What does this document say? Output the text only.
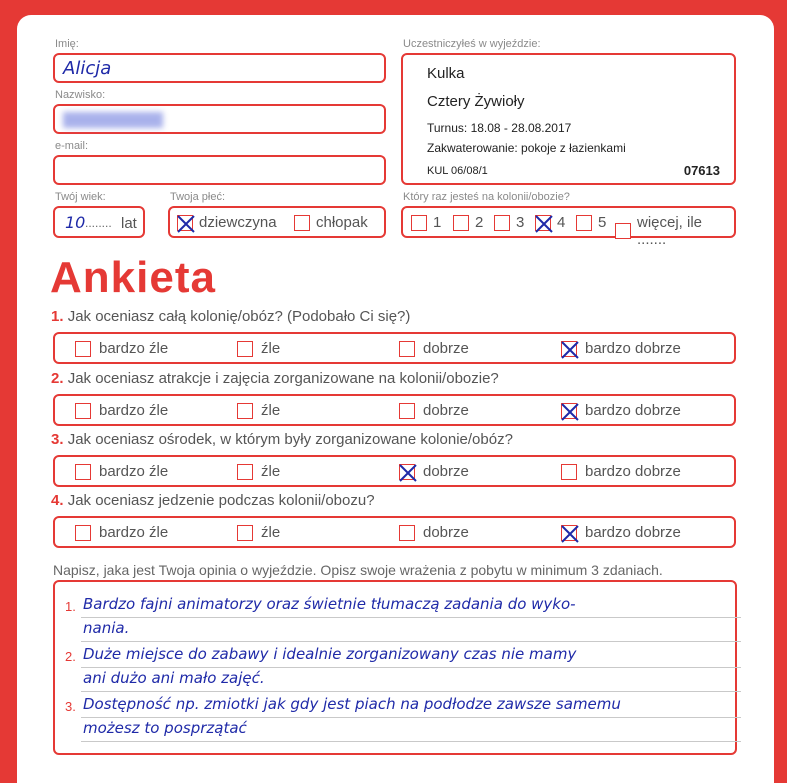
Imię:
Alicja
Nazwisko:
e-mail:
Twój wiek:
10 ........ lat
Twoja płeć:
dziewczyna	chłopak
Uczestniczyłeś w wyjeździe:
Kulka
Cztery Żywioły
Turnus: 18.08 - 28.08.2017
Zakwaterowanie: pokoje z łazienkami
KUL 06/08/1	07613
Który raz jesteś na kolonii/obozie?
1 2 3 4 5 więcej, ile .......
Ankieta
1. Jak oceniasz całą kolonię/obóz? (Podobało Ci się?)
bardzo źle	źle	dobrze	bardzo dobrze
2. Jak oceniasz atrakcje i zajęcia zorganizowane na kolonii/obozie?
bardzo źle	źle	dobrze	bardzo dobrze
3. Jak oceniasz ośrodek, w którym były zorganizowane kolonie/obóz?
bardzo źle	źle	dobrze	bardzo dobrze
4. Jak oceniasz jedzenie podczas kolonii/obozu?
bardzo źle	źle	dobrze	bardzo dobrze
Napisz, jaka jest Twoja opinia o wyjeździe. Opisz swoje wrażenia z pobytu w minimum 3 zdaniach.
1. Bardzo fajni animatorzy oraz świetnie tłumaczą zadania do wyko-
nania.
2. Duże miejsce do zabawy i idealnie zorganizowany czas nie mamy
ani dużo ani mało zajęć.
3. Dostępność np. zmiotki jak gdy jest piach na podłodze zawsze samemu
możesz to posprzątać
